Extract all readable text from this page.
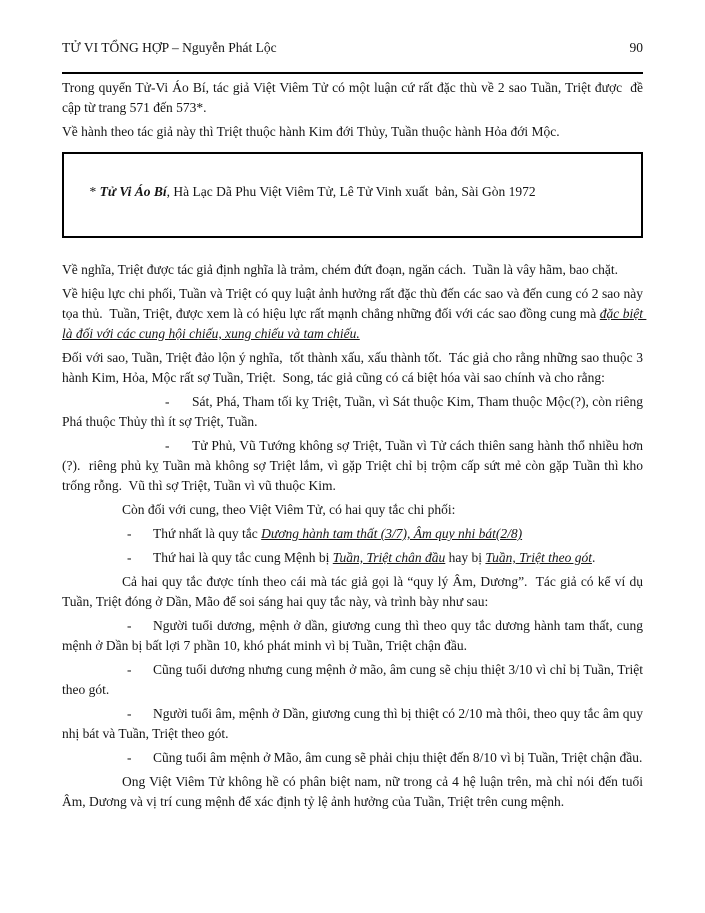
TỬ VI TỔNG HỢP – Nguyễn Phát Lộc	90

Trong quyển Tử-Vi Áo Bí, tác giả Việt Viêm Tử có một luận cứ rất đặc thù về 2 sao Tuần, Triệt được  đề cập từ trang 571 đến 573*.

Về hành theo tác giả này thì Triệt thuộc hành Kim đới Thủy, Tuần thuộc hành Hỏa đới Mộc.

* Tử Vi Áo Bí, Hà Lạc Dã Phu Việt Viêm Tử, Lê Tử Vinh xuất  bản, Sài Gòn 1972

Về nghĩa, Triệt được tác giả định nghĩa là trảm, chém đứt đoạn, ngăn cách.  Tuần là vây hãm, bao chặt.

Về hiệu lực chi phối, Tuần và Triệt có quy luật ảnh hưởng rất đặc thù đến các sao và đến cung có 2 sao này tọa thủ.  Tuần, Triệt, được xem là có hiệu lực rất mạnh chẳng những đối với các sao đồng cung mà đặc biệt là đối với các cung hội chiếu, xung chiếu và tam chiếu.

Đối với sao, Tuần, Triệt đảo lộn ý nghĩa,  tốt thành xấu, xấu thành tốt.  Tác giả cho rằng những sao thuộc 3 hành Kim, Hỏa, Mộc rất sợ Tuần, Triệt.  Song, tác giả cũng có cá biệt hóa vài sao chính và cho rằng:

- Sát, Phá, Tham tối kỵ Triệt, Tuần, vì Sát thuộc Kim, Tham thuộc Mộc(?), còn riêng Phá thuộc Thủy thì ít sợ Triệt, Tuần.

- Tử Phủ, Vũ Tướng không sợ Triệt, Tuần vì Tử cách thiên sang hành thổ nhiều hơn (?).  riêng phủ kỵ Tuần mà không sợ Triệt lắm, vì gặp Triệt chỉ bị trộm cấp sứt mẻ còn gặp Tuần thì kho trống rỗng.  Vũ thì sợ Triệt, Tuần vì vũ thuộc Kim.

Còn đối với cung, theo Việt Viêm Tử, có hai quy tắc chi phối:

- Thứ nhất là quy tắc Dương hành tam thất (3/7), Âm quy nhi bát(2/8)

- Thứ hai là quy tắc cung Mệnh bị Tuần, Triệt chân đầu hay bị Tuần, Triệt theo gót.

Cả hai quy tắc được tính theo cái mà tác giả gọi là “quy lý Âm, Dương”.  Tác giả có kể ví dụ Tuần, Triệt đóng ở Dần, Mão để soi sáng hai quy tắc này, và trình bày như sau:

- Người tuổi dương, mệnh ở dần, giương cung thì theo quy tắc dương hành tam thất, cung mệnh ở Dần bị bất lợi 7 phần 10, khó phát minh vì bị Tuần, Triệt chận đầu.

- Cũng tuổi dương nhưng cung mệnh ở mão, âm cung sẽ chịu thiệt 3/10 vì chỉ bị Tuần, Triệt theo gót.

- Người tuổi âm, mệnh ở Dần, giương cung thì bị thiệt có 2/10 mà thôi, theo quy tắc âm quy nhị bát và Tuần, Triệt theo gót.

- Cũng tuổi âm mệnh ở Mão, âm cung sẽ phải chịu thiệt đến 8/10 vì bị Tuần, Triệt chận đầu.

Ong Việt Viêm Tử không hề có phân biệt nam, nữ trong cả 4 hệ luận trên, mà chỉ nói đến tuổi Âm, Dương và vị trí cung mệnh để xác định tỷ lệ ảnh hưởng của Tuần, Triệt trên cung mệnh.
